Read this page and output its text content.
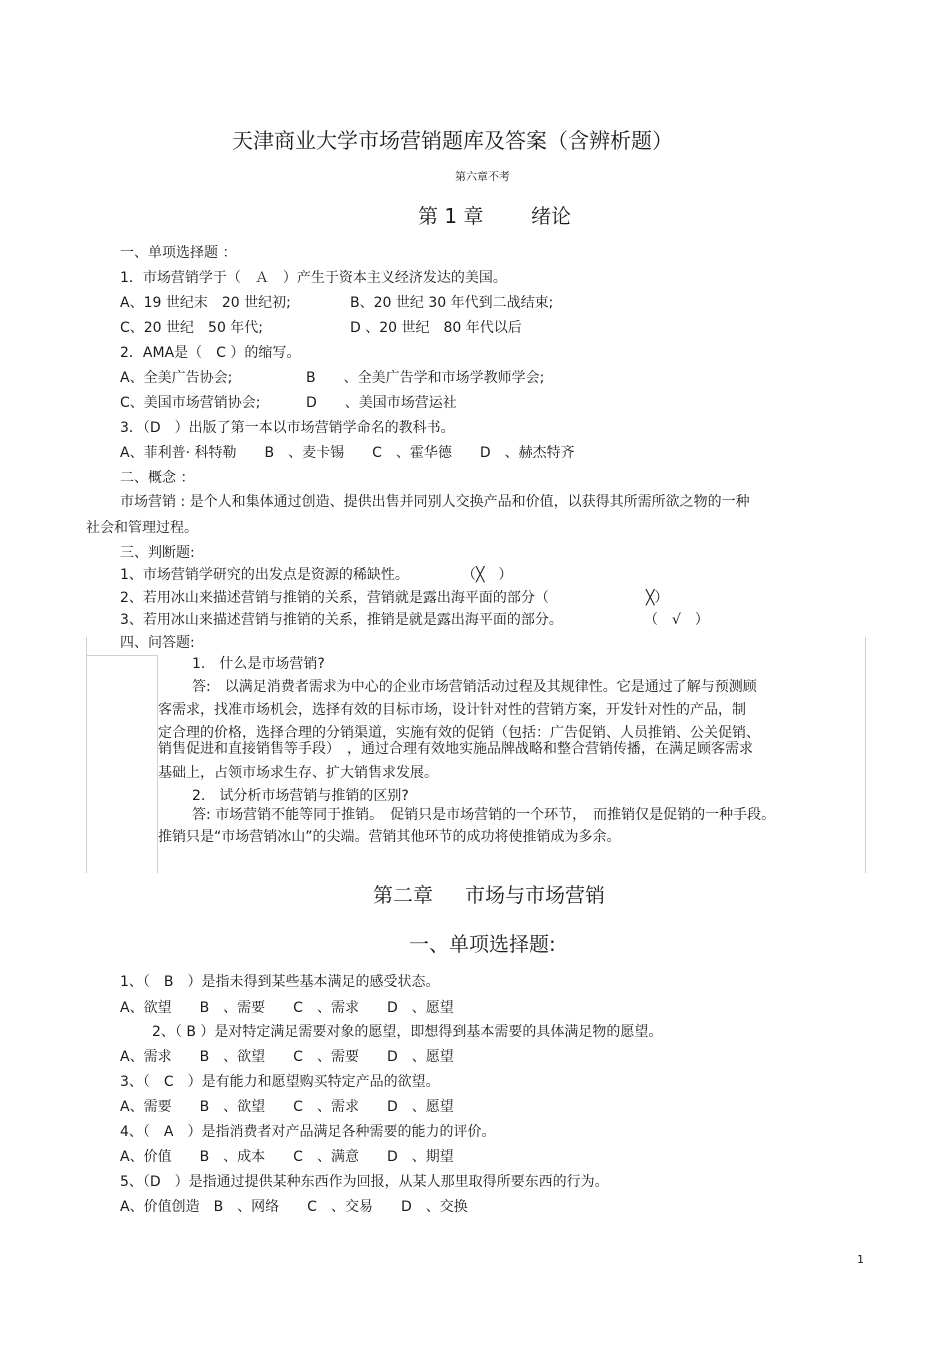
天津商业大学市场营销题库及答案（含辨析题）
第六章不考
第 1 章 绪论
一、单项选择题 ：
1．市场营销学于（　Ａ　）产生于资本主义经济发达的美国。
A、19 世纪末　20 世纪初;	B、20 世纪 30 年代到二战结束;
C、20 世纪　50 年代;	D 、20 世纪　80 年代以后
2．AMA是（　C ）的缩写。
A、全美广告协会;	B　　、全美广告学和市场学教师学会;
C、美国市场营销协会;	D　　、美国市场营运社
3．（D　）出版了第一本以市场营销学命名的教科书。
A、菲利普· 科特勒　　B　、麦卡锡　　C　、霍华德　　D　、赫杰特齐
二、概念 ：
市场营销 : 是个人和集体通过创造、提供出售并同别人交换产品和价值，以获得其所需所欲之物的一种
社会和管理过程。
三、判断题:
1、市场营销学研究的出发点是资源的稀缺性。	（╳　）
2、若用冰山来描述营销与推销的关系，营销就是露出海平面的部分（	╳）
3、若用冰山来描述营销与推销的关系，推销是就是露出海平面的部分。	（　√　）
四、问答题:
1.　什么是市场营销?
答:　以满足消费者需求为中心的企业市场营销活动过程及其规律性。它是通过了解与预测顾
客需求，找准市场机会，选择有效的目标市场，设计针对性的营销方案，开发针对性的产品，制
定合理的价格，选择合理的分销渠道，实施有效的促销（包括：广告促销、人员推销、公关促销、
销售促进和直接销售等手段）　，通过合理有效地实施品牌战略和整合营销传播，在满足顾客需求
基础上，占领市场求生存、扩大销售求发展。
2.　试分析市场营销与推销的区别?
答: 市场营销不能等同于推销。　促销只是市场营销的一个环节，　而推销仅是促销的一种手段。
推销只是“市场营销冰山”的尖端。营销其他环节的成功将使推销成为多余。
第二章 市场与市场营销
一、单项选择题:
1、（　B　）是指未得到某些基本满足的感受状态。
A、欲望　　B　、需要　　C　、需求　　D　、愿望
2、（ B ）是对特定满足需要对象的愿望，即想得到基本需要的具体满足物的愿望。
A、需求　　B　、欲望　　C　、需要　　D　、愿望
3、（　C　）是有能力和愿望购买特定产品的欲望。
A、需要　　B　、欲望　　C　、需求　　D　、愿望
4、（　A　）是指消费者对产品满足各种需要的能力的评价。
A、价值　　B　、成本　　C　、满意　　D　、期望
5、（D　）是指通过提供某种东西作为回报，从某人那里取得所要东西的行为。
A、价值创造　B　、网络　　C　、交易　　D　、交换
1
